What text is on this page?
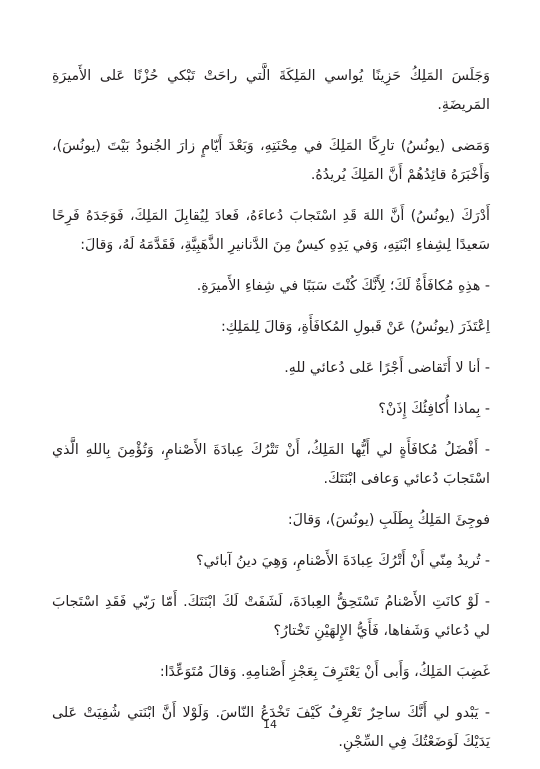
وَجَلَسَ المَلِكُ حَزِينًا يُواسي المَلِكَةَ الَّتي راحَتْ تَبْكي حُزْنًا عَلى الأَميرَةِ المَريضَةِ.

وَمَضى (يونُسُ) تارِكًا المَلِكَ في مِحْنَتِهِ، وَبَعْدَ أَيّامٍ زارَ الجُنودُ بَيْتَ (يونُسَ)، وَأَخْبَرَهُ قائِدُهُمْ أَنَّ المَلِكَ يُريدُهُ.

أَدْرَكَ (يونُسُ) أَنَّ اللهَ قَدِ اسْتَجابَ دُعاءَهُ، فَعادَ لِيُقابِلَ المَلِكَ، فَوَجَدَهُ فَرِحًا سَعيدًا لِشِفاءِ ابْنَتِهِ، وَفي يَدِهِ كيسٌ مِنَ الدَّنانيرِ الذَّهَبِيَّةِ، فَقَدَّمَهُ لَهُ، وَقالَ:

- هذِهِ مُكافَأَةٌ لَكَ؛ لِأَنَّكَ كُنْتَ سَبَبًا في شِفاءِ الأَميرَةِ.

اِعْتَذَرَ (يونُسُ) عَنْ قَبولِ المُكافَأَةِ، وَقالَ لِلمَلِكِ:

- أنا لا أَتَقاضى أَجْرًا عَلى دُعائي للهِ.

- بِماذا أُكافِئُكَ إِذَنْ؟

- أَفْضَلُ مُكافَأَةٍ لي أَيُّها المَلِكُ، أَنْ تَتْرُكَ عِبادَةَ الأَصْنامِ، وَتُؤْمِنَ بِاللهِ الَّذي اسْتَجابَ دُعائي وَعافى ابْنَتَكَ.

فوجِئَ المَلِكُ بِطَلَبِ (يونُسَ)، وَقالَ:

- تُريدُ مِنّي أَنْ أَتْرُكَ عِبادَةَ الأَصْنامِ، وَهِيَ دينُ آبائي؟

- لَوْ كانَتِ الأَصْنامُ تَسْتَحِقُّ العِبادَةَ، لَشَفَتْ لَكَ ابْنَتَكَ. أَمّا رَبّي فَقَدِ اسْتَجابَ لي دُعائي وَشَفاها، فَأَيُّ الإِلهَيْنِ تَخْتارُ؟

غَضِبَ المَلِكُ، وَأَبى أَنْ يَعْتَرِفَ بِعَجْزِ أَصْنامِهِ. وَقالَ مُتَوَعِّدًا:

- يَبْدو لي أَنَّكَ ساحِرٌ تَعْرِفُ كَيْفَ تَخْدَعُ النّاسَ. وَلَوْلا أَنَّ ابْنَتي شُفِيَتْ عَلى يَدَيْكَ لَوَضَعْتُكَ فِي السِّجْنِ.

14
